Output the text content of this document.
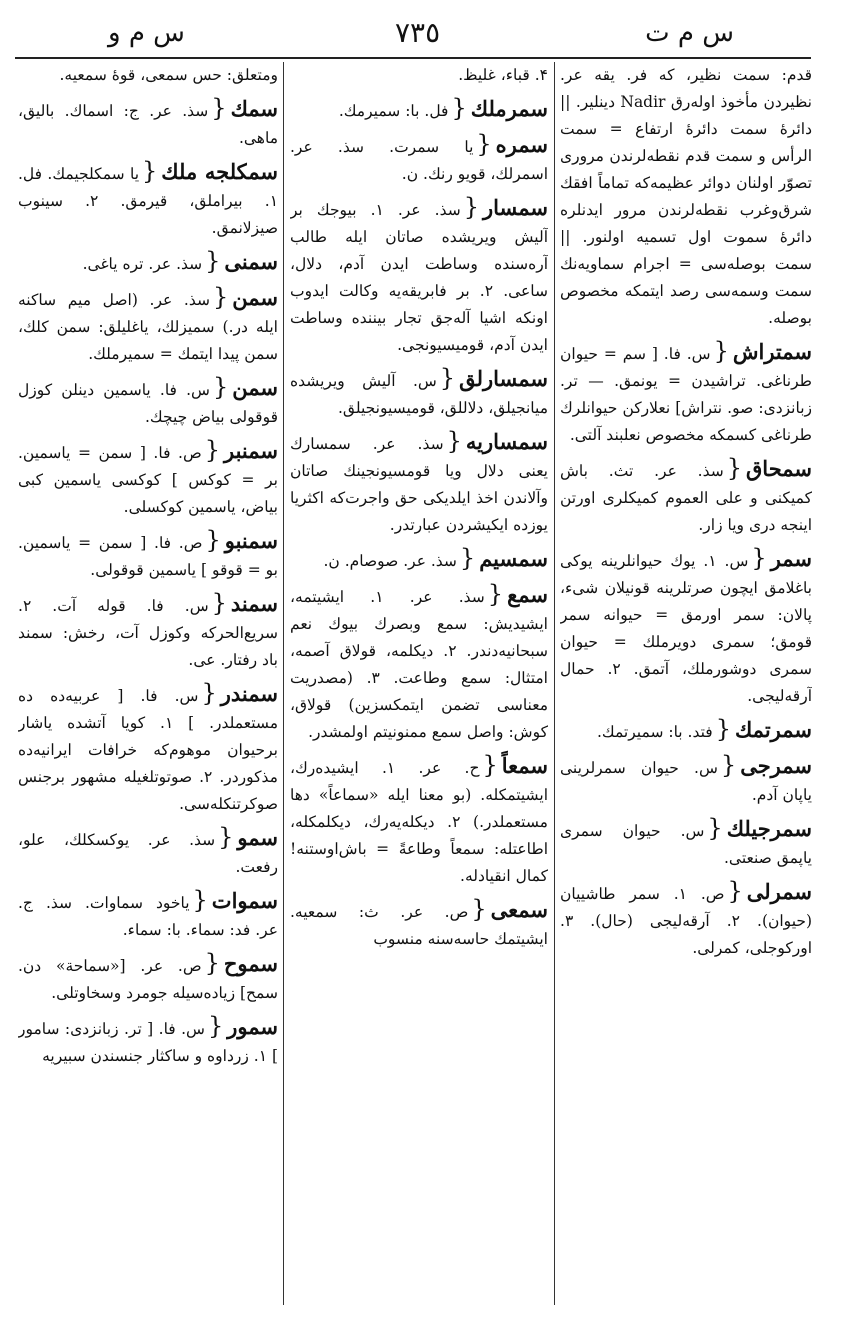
س م ت
٧٣٥
س م و

قدم: سمت نظیر، که فر. یقه عر. نظیردن مأخوذ اوله‌رق Nadir دینلیر. || دائرهٔ سمت دائرهٔ ارتفاع = سمت الرأس و سمت قدم نقطه‌لرندن مروری تصوّر اولنان دوائر عظیمه‌که تماماً افقك شرق‌وغرب نقطه‌لرندن مرور ایدنلره دائرهٔ سموت اول تسمیه اولنور. || سمت بوصله‌سی = اجرام سماویه‌نك سمت وسمه‌سی رصد ایتمكه مخصوص بوصله.

سمتراش{س. فا. [ سم = حیوان طرناغی. تراشیدن = یونمق. — تر. زبانزدی: صو. نتراش] نعلارکن حیوانلرك طرناغی کسمکه مخصوص نعلبند آلتی.

سمحاق{سذ. عر. تث. باش کمیکنی و علی العموم کمیکلری اورتن اینجه دری ویا زار.

سمر{س. ۱. یوك حیوانلرینه یوکی باغلامق ایچون صرتلرینه قونیلان شیء، پالان: سمر اورمق = حیوانه سمر قومق؛ سمری دویرملك = حیوان سمری دوشورملك، آتمق. ۲. حمال آرقه‌لیجی.

سمرتمك{فتد. با: سمیرتمك.

سمرجی{س. حیوان سمرلرینی یاپان آدم.

سمرجیلك{س. حیوان سمری یاپمق صنعتی.

سمرلی{ص. ۱. سمر طاشییان (حیوان). ۲. آرقه‌لیجی (حال). ۳. اوركوجلی، کمرلی.

۴. قباء، غلیظ.

سمرملك{فل. با: سمیرمك.

سمره{یا سمرت. سذ. عر. اسمرلك، قویو رنك. ن.

سمسار{سذ. عر. ۱. بیوجك بر آلیش ویریشده صاتان ایله طالب آره‌سنده وساطت ایدن آدم، دلال، ساعی. ۲. بر فابریقه‌یه وکالت ایدوب اونکه اشیا آله‌جق تجار بیننده وساطت ایدن آدم، قومیسیونجی.

سمسارلق{س. آلیش ویریشده میانجیلق، دلاللق، قومیسیونجیلق.

سمساریه{سذ. عر. سمسارك یعنی دلال ویا قومسیونجینك صاتان وآلاندن اخذ ایلدیکی حق واجرت‌که اکثریا یوزده ایکیشردن عبارتدر.

سمسیم{سذ. عر. صوصام. ن.

سمع{سذ. عر. ۱. ایشیتمه، ایشیدیش: سمع وبصرك بیوك نعم سبحانیه‌دندر. ۲. دیکلمه، قولاق آصمه، امتثال: سمع وطاعت. ۳. (مصدریت معناسی تضمن ایتمکسزین) قولاق، کوش: واصل سمع ممنونیتم اولمشدر.

سمعاً{ح. عر. ۱. ایشیده‌رك، ایشیتمکله. (بو معنا ایله «سماعاً» دها مستعملدر.) ۲. دیکله‌یه‌رك، دیکلمکله، اطاعتله: سمعاً وطاعةً = باش‌اوستنه! کمال انقیادله.

سمعی{ص. عر. ث: سمعیه. ایشیتمك حاسه‌سنه منسوب

ومتعلق: حس سمعی، قوهٔ سمعیه.

سمك{سذ. عر. ج: اسماك. بالیق، ماهی.

سمكلجه ملك{یا سمکلجیمك. فل. ۱. بیراملق، قیرمق. ۲. سینوب صیزلانمق.

سمنی{سذ. عر. تره یاغی.

سمن{سذ. عر. (اصل میم ساکنه ایله در.) سمیزلك، یاغلیلق: سمن کلك، سمن پیدا ایتمك = سمیرملك.

سمن{س. فا. یاسمین دینلن کوزل قوقولی بیاض چیچك.

سمنبر{ص. فا. [ سمن = یاسمین. بر = کوکس ] کوکسی یاسمین کبی بیاض، یاسمین کوکسلی.

سمنبو{ص. فا. [ سمن = یاسمین. بو = قوقو ] یاسمین قوقولی.

سمند{س. فا. قوله آت. ۲. سریع‌الحرکه وکوزل آت، رخش: سمند باد رفتار. عی.

سمندر{س. فا. [ عربیه‌ده ده مستعملدر. ] ۱. کویا آتشده یاشار برحیوان موهوم‌که خرافات ایرانیه‌ده مذکوردر. ۲. صوتوتلغیله مشهور برجنس صوکرتنکله‌سی.

سمو{سذ. عر. یوکسکلك، علو، رفعت.

سموات{یاخود سماوات. سذ. ج. عر. فد: سماء. با: سماء.

سموح{ص. عر. [«سماحة» دن. سمح] زیاده‌سیله جومرد وسخاوتلی.

سمور{س. فا. [ تر. زبانزدی: سامور ] ۱. زرداوه و ساکثار جنسندن سبیریه
